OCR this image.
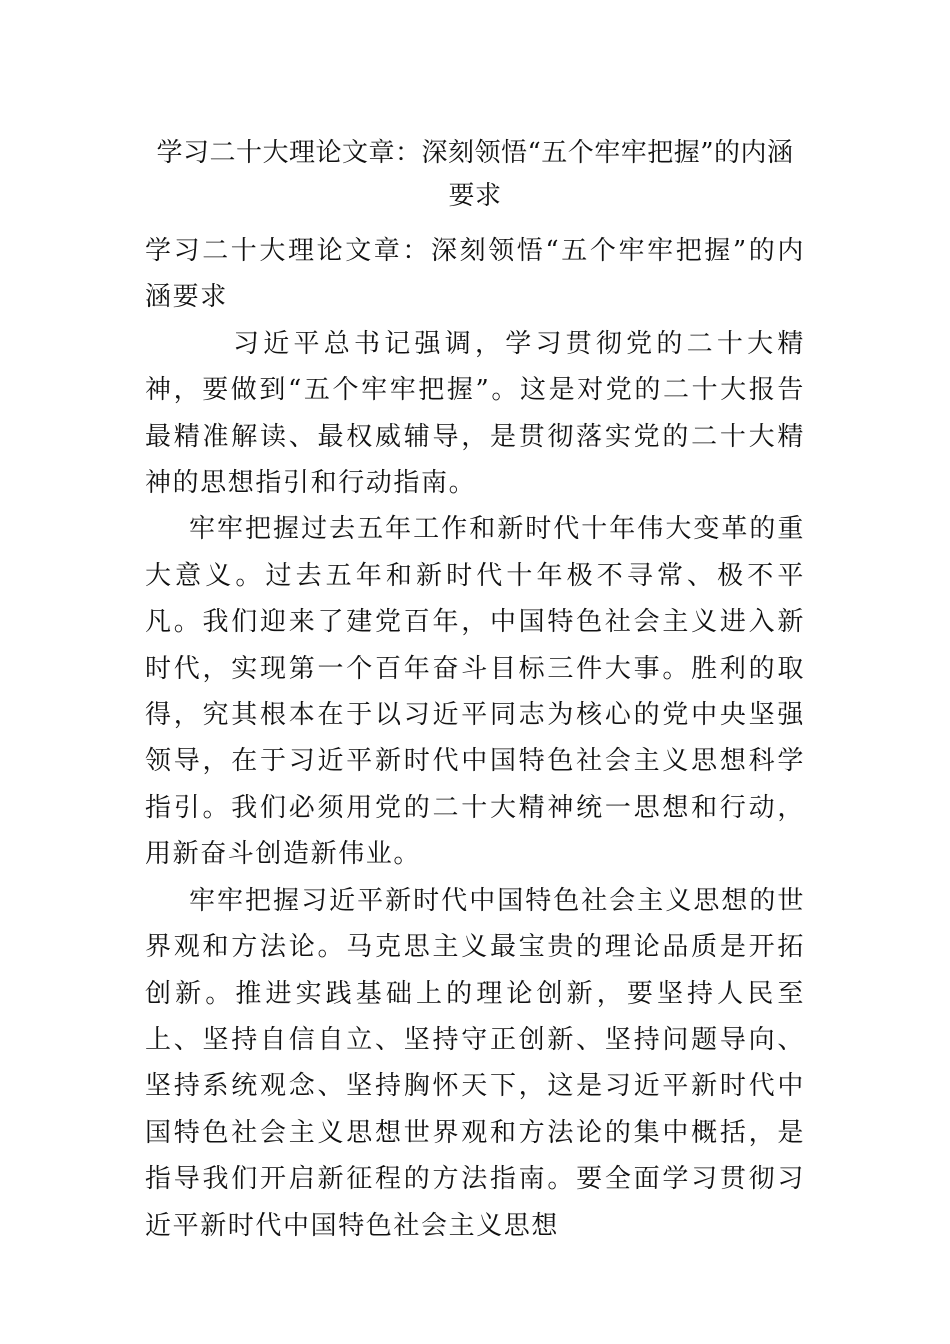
学习二十大理论文章：深刻领悟“五个牢牢把握”的内涵要求

学习二十大理论文章：深刻领悟“五个牢牢把握”的内涵要求

习近平总书记强调，学习贯彻党的二十大精神，要做到“五个牢牢把握”。这是对党的二十大报告最精准解读、最权威辅导，是贯彻落实党的二十大精神的思想指引和行动指南。

牢牢把握过去五年工作和新时代十年伟大变革的重大意义。过去五年和新时代十年极不寻常、极不平凡。我们迎来了建党百年，中国特色社会主义进入新时代，实现第一个百年奋斗目标三件大事。胜利的取得，究其根本在于以习近平同志为核心的党中央坚强领导，在于习近平新时代中国特色社会主义思想科学指引。我们必须用党的二十大精神统一思想和行动，用新奋斗创造新伟业。

牢牢把握习近平新时代中国特色社会主义思想的世界观和方法论。马克思主义最宝贵的理论品质是开拓创新。推进实践基础上的理论创新，要坚持人民至上、坚持自信自立、坚持守正创新、坚持问题导向、坚持系统观念、坚持胸怀天下，这是习近平新时代中国特色社会主义思想世界观和方法论的集中概括，是指导我们开启新征程的方法指南。要全面学习贯彻习近平新时代中国特色社会主义思想
